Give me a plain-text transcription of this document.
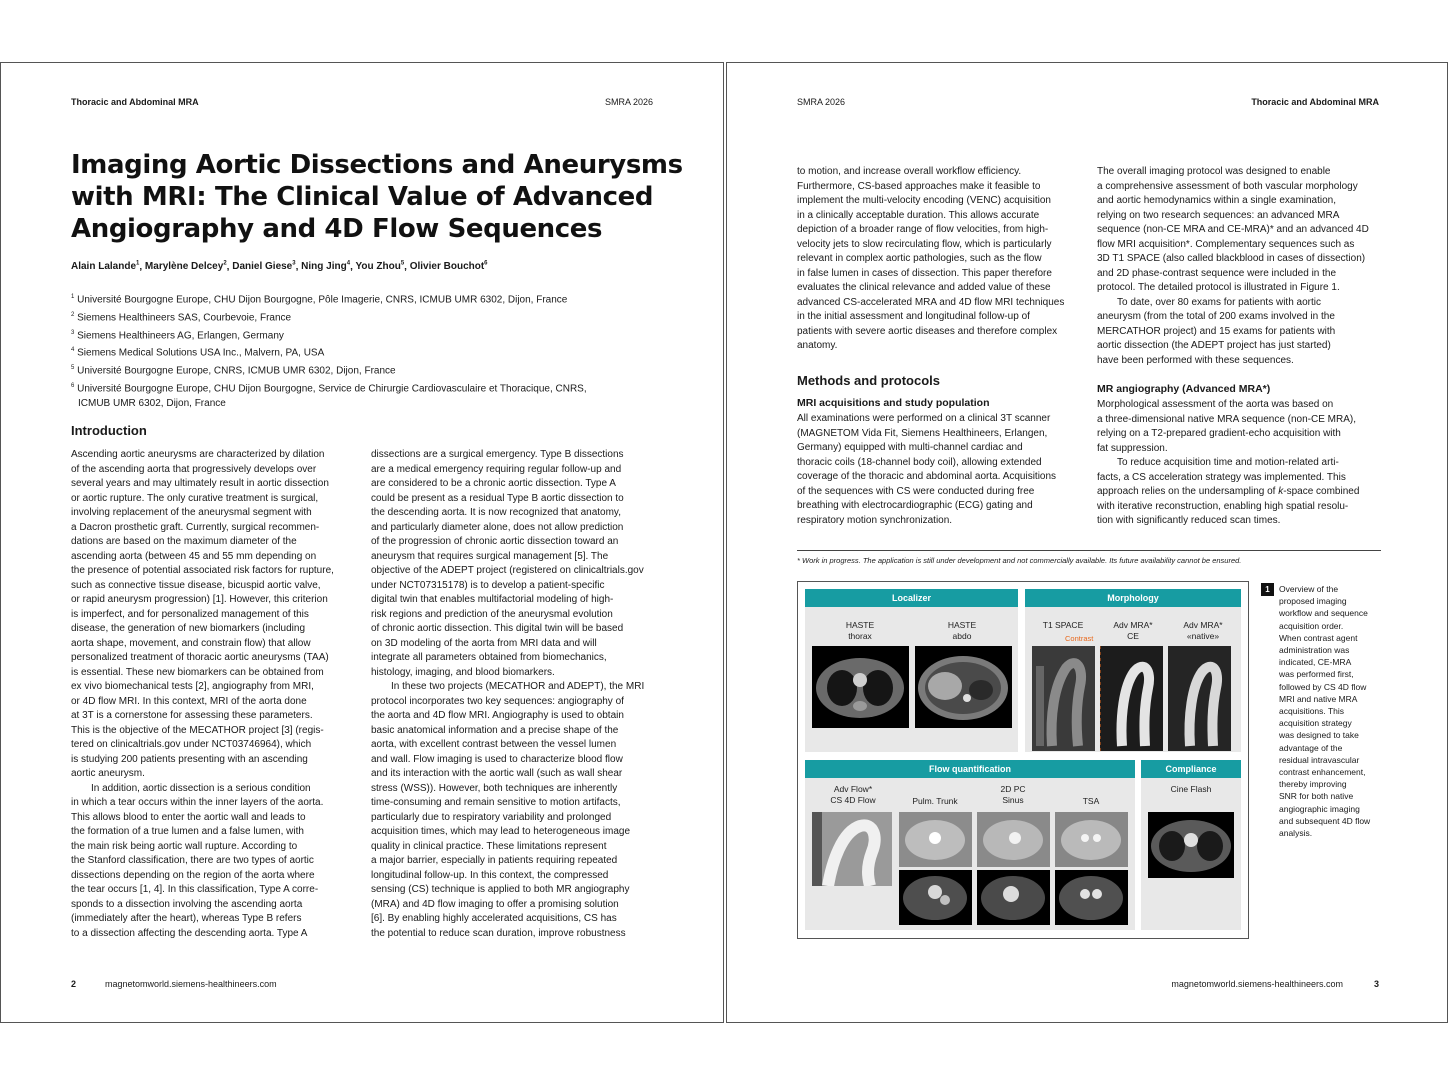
Thoracic and Abdominal MRA	SMRA 2026
Imaging Aortic Dissections and Aneurysms
with MRI: The Clinical Value of Advanced
Angiography and 4D Flow Sequences
Alain Lalande$^1$, Marylène Delcey$^2$, Daniel Giese$^3$, Ning Jing$^4$, You Zhou$^5$, Olivier Bouchot$^6$
$^1$ Université Bourgogne Europe, CHU Dijon Bourgogne, Pôle Imagerie, CNRS, ICMUB UMR 6302, Dijon, France
$^2$ Siemens Healthineers SAS, Courbevoie, France
$^3$ Siemens Healthineers AG, Erlangen, Germany
$^4$ Siemens Medical Solutions USA Inc., Malvern, PA, USA
$^5$ Université Bourgogne Europe, CNRS, ICMUB UMR 6302, Dijon, France
$^6$ Université Bourgogne Europe, CHU Dijon Bourgogne, Service de Chirurgie Cardiovasculaire et Thoracique, CNRS,
ICMUB UMR 6302, Dijon, France
Introduction
Ascending aortic aneurysms are characterized by dilation
of the ascending aorta that progressively develops over
several years and may ultimately result in aortic dissection
or aortic rupture. The only curative treatment is surgical,
involving replacement of the aneurysmal segment with
a Dacron prosthetic graft. Currently, surgical recommen-
dations are based on the maximum diameter of the
ascending aorta (between 45 and 55 mm depending on
the presence of potential associated risk factors for rupture,
such as connective tissue disease, bicuspid aortic valve,
or rapid aneurysm progression) [1]. However, this criterion
is imperfect, and for personalized management of this
disease, the generation of new biomarkers (including
aorta shape, movement, and constrain flow) that allow
personalized treatment of thoracic aortic aneurysms (TAA)
is essential. These new biomarkers can be obtained from
ex vivo biomechanical tests [2], angiography from MRI,
or 4D flow MRI. In this context, MRI of the aorta done
at 3T is a cornerstone for assessing these parameters.
This is the objective of the MECATHOR project [3] (regis-
tered on clinicaltrials.gov under NCT03746964), which
is studying 200 patients presenting with an ascending
aortic aneurysm.
In addition, aortic dissection is a serious condition
in which a tear occurs within the inner layers of the aorta.
This allows blood to enter the aortic wall and leads to
the formation of a true lumen and a false lumen, with
the main risk being aortic wall rupture. According to
the Stanford classification, there are two types of aortic
dissections depending on the region of the aorta where
the tear occurs [1, 4]. In this classification, Type A corre-
sponds to a dissection involving the ascending aorta
(immediately after the heart), whereas Type B refers
to a dissection affecting the descending aorta. Type A
dissections are a surgical emergency. Type B dissections
are a medical emergency requiring regular follow-up and
are considered to be a chronic aortic dissection. Type A
could be present as a residual Type B aortic dissection to
the descending aorta. It is now recognized that anatomy,
and particularly diameter alone, does not allow prediction
of the progression of chronic aortic dissection toward an
aneurysm that requires surgical management [5]. The
objective of the ADEPT project (registered on clinicaltrials.gov
under NCT07315178) is to develop a patient-specific
digital twin that enables multifactorial modeling of high-
risk regions and prediction of the aneurysmal evolution
of chronic aortic dissection. This digital twin will be based
on 3D modeling of the aorta from MRI data and will
integrate all parameters obtained from biomechanics,
histology, imaging, and blood biomarkers.
In these two projects (MECATHOR and ADEPT), the MRI
protocol incorporates two key sequences: angiography of
the aorta and 4D flow MRI. Angiography is used to obtain
basic anatomical information and a precise shape of the
aorta, with excellent contrast between the vessel lumen
and wall. Flow imaging is used to characterize blood flow
and its interaction with the aortic wall (such as wall shear
stress (WSS)). However, both techniques are inherently
time-consuming and remain sensitive to motion artifacts,
particularly due to respiratory variability and prolonged
acquisition times, which may lead to heterogeneous image
quality in clinical practice. These limitations represent
a major barrier, especially in patients requiring repeated
longitudinal follow-up. In this context, the compressed
sensing (CS) technique is applied to both MR angiography
(MRA) and 4D flow imaging to offer a promising solution
[6]. By enabling highly accelerated acquisitions, CS has
the potential to reduce scan duration, improve robustness
2	magnetomworld.siemens-healthineers.com
SMRA 2026	Thoracic and Abdominal MRA
to motion, and increase overall workflow efficiency.
Furthermore, CS-based approaches make it feasible to
implement the multi-velocity encoding (VENC) acquisition
in a clinically acceptable duration. This allows accurate
depiction of a broader range of flow velocities, from high-
velocity jets to slow recirculating flow, which is particularly
relevant in complex aortic pathologies, such as the flow
in false lumen in cases of dissection. This paper therefore
evaluates the clinical relevance and added value of these
advanced CS-accelerated MRA and 4D flow MRI techniques
in the initial assessment and longitudinal follow-up of
patients with severe aortic diseases and therefore complex
anatomy.
Methods and protocols
MRI acquisitions and study population
All examinations were performed on a clinical 3T scanner
(MAGNETOM Vida Fit, Siemens Healthineers, Erlangen,
Germany) equipped with multi-channel cardiac and
thoracic coils (18-channel body coil), allowing extended
coverage of the thoracic and abdominal aorta. Acquisitions
of the sequences with CS were conducted during free
breathing with electrocardiographic (ECG) gating and
respiratory motion synchronization.
The overall imaging protocol was designed to enable
a comprehensive assessment of both vascular morphology
and aortic hemodynamics within a single examination,
relying on two research sequences: an advanced MRA
sequence (non-CE MRA and CE-MRA)* and an advanced 4D
flow MRI acquisition*. Complementary sequences such as
3D T1 SPACE (also called blackblood in cases of dissection)
and 2D phase-contrast sequence were included in the
protocol. The detailed protocol is illustrated in Figure 1.
To date, over 80 exams for patients with aortic
aneurysm (from the total of 200 exams involved in the
MERCATHOR project) and 15 exams for patients with
aortic dissection (the ADEPT project has just started)
have been performed with these sequences.
MR angiography (Advanced MRA*)
Morphological assessment of the aorta was based on
a three-dimensional native MRA sequence (non-CE MRA),
relying on a T2-prepared gradient-echo acquisition with
fat suppression.
To reduce acquisition time and motion-related arti-
facts, a CS acceleration strategy was implemented. This
approach relies on the undersampling of k-space combined
with iterative reconstruction, enabling high spatial resolu-
tion with significantly reduced scan times.
* Work in progress. The application is still under development and not commercially available. Its future availability cannot be ensured.
Localizer
HASTE
thorax
HASTE
abdo
Morphology
T1 SPACE	Adv MRA*
CE
Adv MRA*
«native»
Contrast
Flow quantification
Adv Flow*
CS 4D Flow	Pulm. Trunk
2D PC
Sinus	TSA
Compliance
Cine Flash
1	Overview of the
proposed imaging
workflow and sequence
acquisition order.
When contrast agent
administration was
indicated, CE-MRA
was performed first,
followed by CS 4D flow
MRI and native MRA
acquisitions. This
acquisition strategy
was designed to take
advantage of the
residual intravascular
contrast enhancement,
thereby improving
SNR for both native
angiographic imaging
and subsequent 4D flow
analysis.
magnetomworld.siemens-healthineers.com	3
